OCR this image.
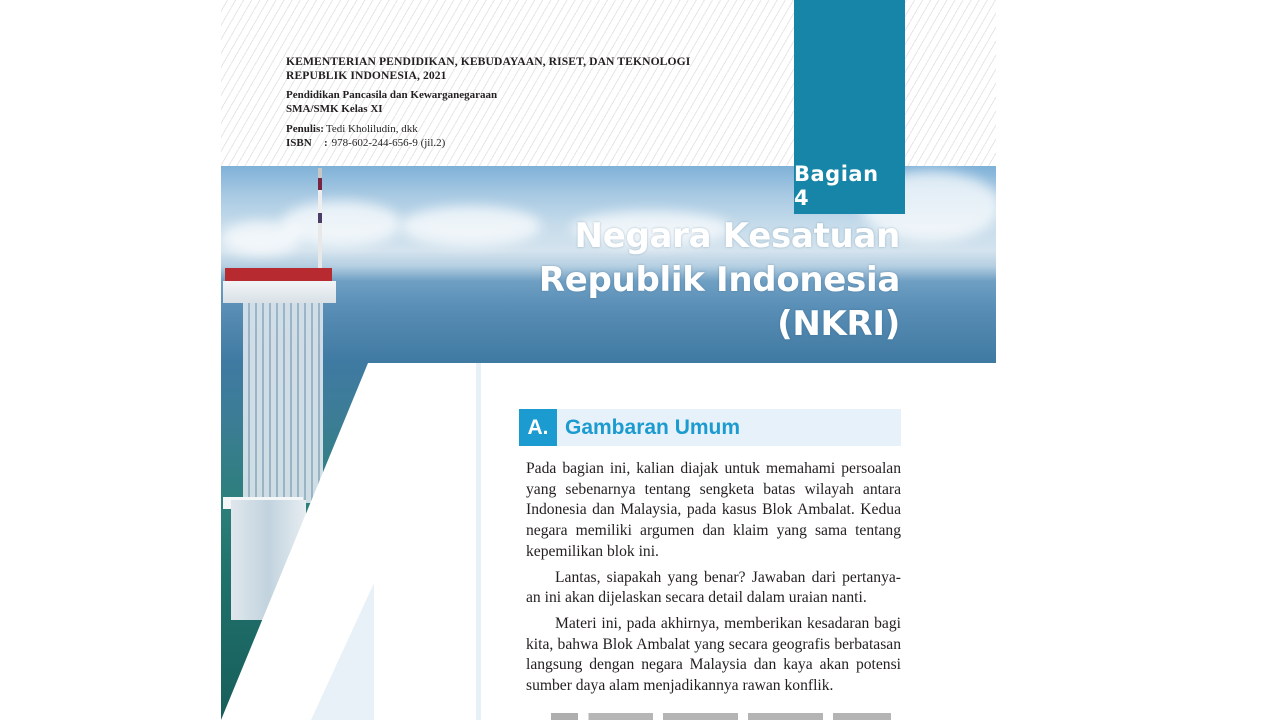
KEMENTERIAN PENDIDIKAN, KEBUDAYAAN, RISET, DAN TEKNOLOGI
REPUBLIK INDONESIA, 2021
Pendidikan Pancasila dan Kewarganegaraan
SMA/SMK Kelas XI
Penulis : Tedi Kholiludin, dkk
ISBN	: 978-602-244-656-9 (jil.2)
Bagian 4
Negara Kesatuan
Republik Indonesia
(NKRI)
A. Gambaran Umum

Pada bagian ini, kalian diajak untuk memahami persoalan yang sebenarnya tentang sengketa batas wilayah antara Indonesia dan Malaysia, pada kasus Blok Ambalat. Kedua negara memiliki argumen dan klaim yang sama tentang kepemilikan blok ini.

Lantas, siapakah yang benar? Jawaban dari pertanya-an ini akan dijelaskan secara detail dalam uraian nanti.

Materi ini, pada akhirnya, memberikan kesadaran bagi kita, bahwa Blok Ambalat yang secara geografis berbatasan langsung dengan negara Malaysia dan kaya akan potensi sumber daya alam menjadikannya rawan konflik.
